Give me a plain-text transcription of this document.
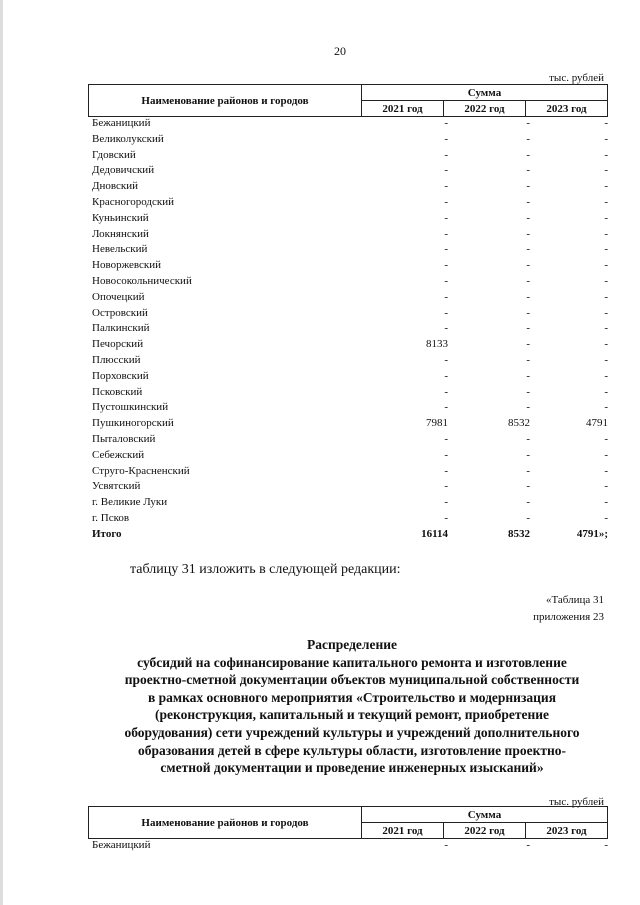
20
тыс. рублей
Наименование районов и городов	Сумма		
	2021 год	2022 год	2023 год
Бежаницкий	-	-	-
Великолукский	-	-	-
Гдовский	-	-	-
Дедовичский	-	-	-
Дновский	-	-	-
Красногородский	-	-	-
Куньинский	-	-	-
Локнянский	-	-	-
Невельский	-	-	-
Новоржевский	-	-	-
Новосокольнический	-	-	-
Опочецкий	-	-	-
Островский	-	-	-
Палкинский	-	-	-
Печорский	8133	-	-
Плюсский	-	-	-
Порховский	-	-	-
Псковский	-	-	-
Пустошкинский	-	-	-
Пушкиногорский	7981	8532	4791
Пыталовский	-	-	-
Себежский	-	-	-
Струго-Красненский	-	-	-
Усвятский	-	-	-
г. Великие Луки	-	-	-
г. Псков	-	-	-
Итого	16114	8532	4791»;
таблицу 31 изложить в следующей редакции:
«Таблица 31
приложения 23
Распределение
субсидий на софинансирование капитального ремонта и изготовление
проектно-сметной документации объектов муниципальной собственности
в рамках основного мероприятия «Строительство и модернизация
(реконструкция, капитальный и текущий ремонт, приобретение
оборудования) сети учреждений культуры и учреждений дополнительного
образования детей в сфере культуры области, изготовление проектно-
сметной документации и проведение инженерных изысканий»
тыс. рублей
Наименование районов и городов	Сумма		
	2021 год	2022 год	2023 год
Бежаницкий	-	-	-
